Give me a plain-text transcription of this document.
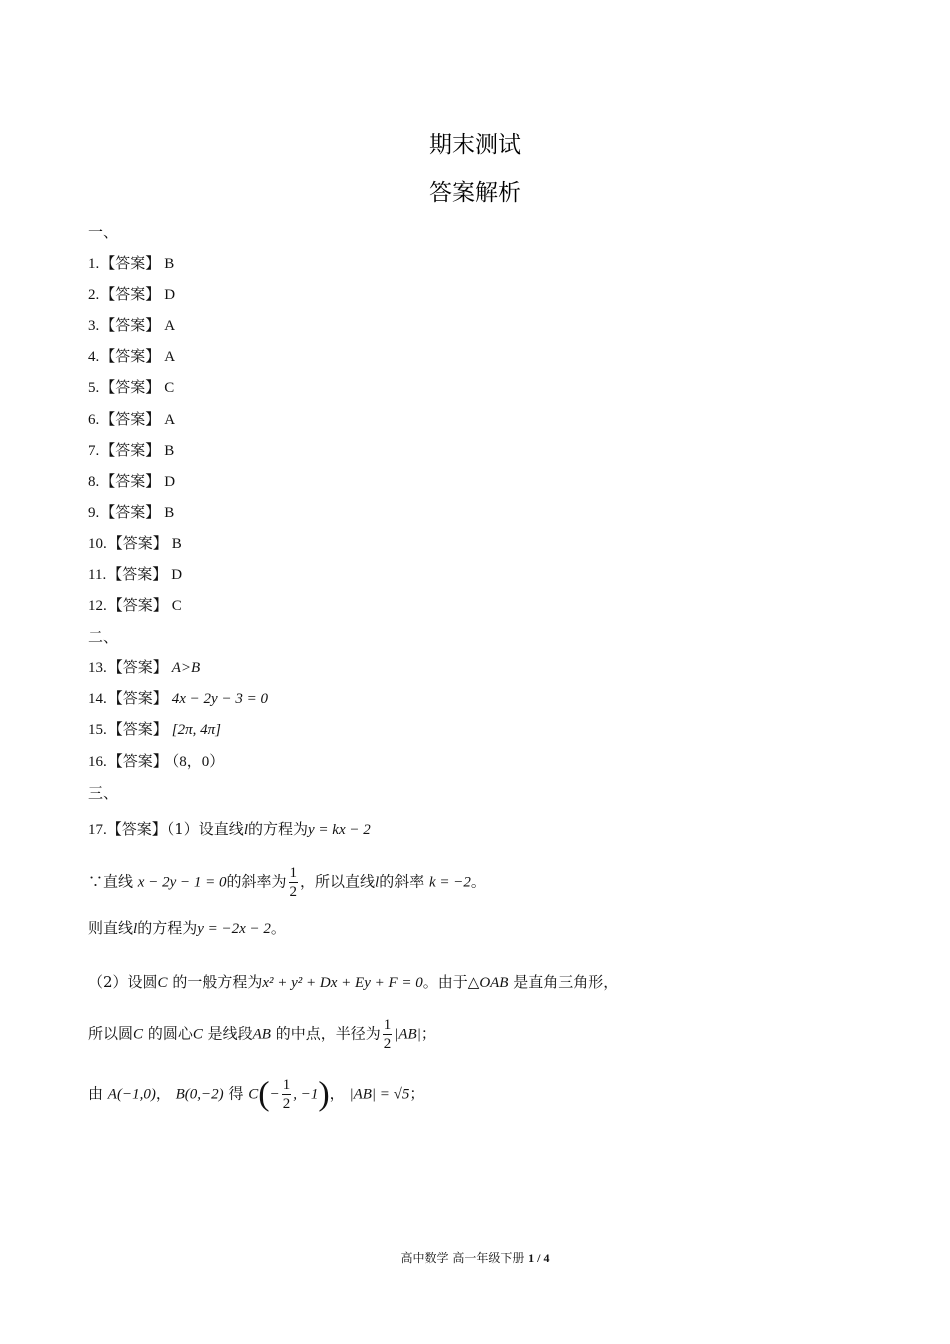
期末测试
答案解析
一、
1.【答案】 B
2.【答案】 D
3.【答案】 A
4.【答案】 A
5.【答案】 C
6.【答案】 A
7.【答案】 B
8.【答案】 D
9.【答案】 B
10.【答案】 B
11.【答案】 D
12.【答案】 C
二、
13.【答案】 A>B
14.【答案】 4x − 2y − 3 = 0
15.【答案】 [2π, 4π]
16.【答案】 （8，0）
三、
17.【答案】（1）设直线l的方程为y = kx − 2
∵直线 x − 2y − 1 = 0的斜率为 $\frac{1}{2}$ ，所以直线l的斜率 k = −2。
则直线l的方程为y = −2x − 2。
（2）设圆C 的一般方程为x² + y² + Dx + Ey + F = 0。由于△OAB 是直角三角形，
所以圆C 的圆心C 是线段AB 的中点，半径为 $\frac{1}{2} |AB|$；
由 A(−1,0)， B(0,−2) 得 $C(- \frac{1}{2}$ , −1)， |AB| = √5；
高中数学 高一年级下册 1 / 4
